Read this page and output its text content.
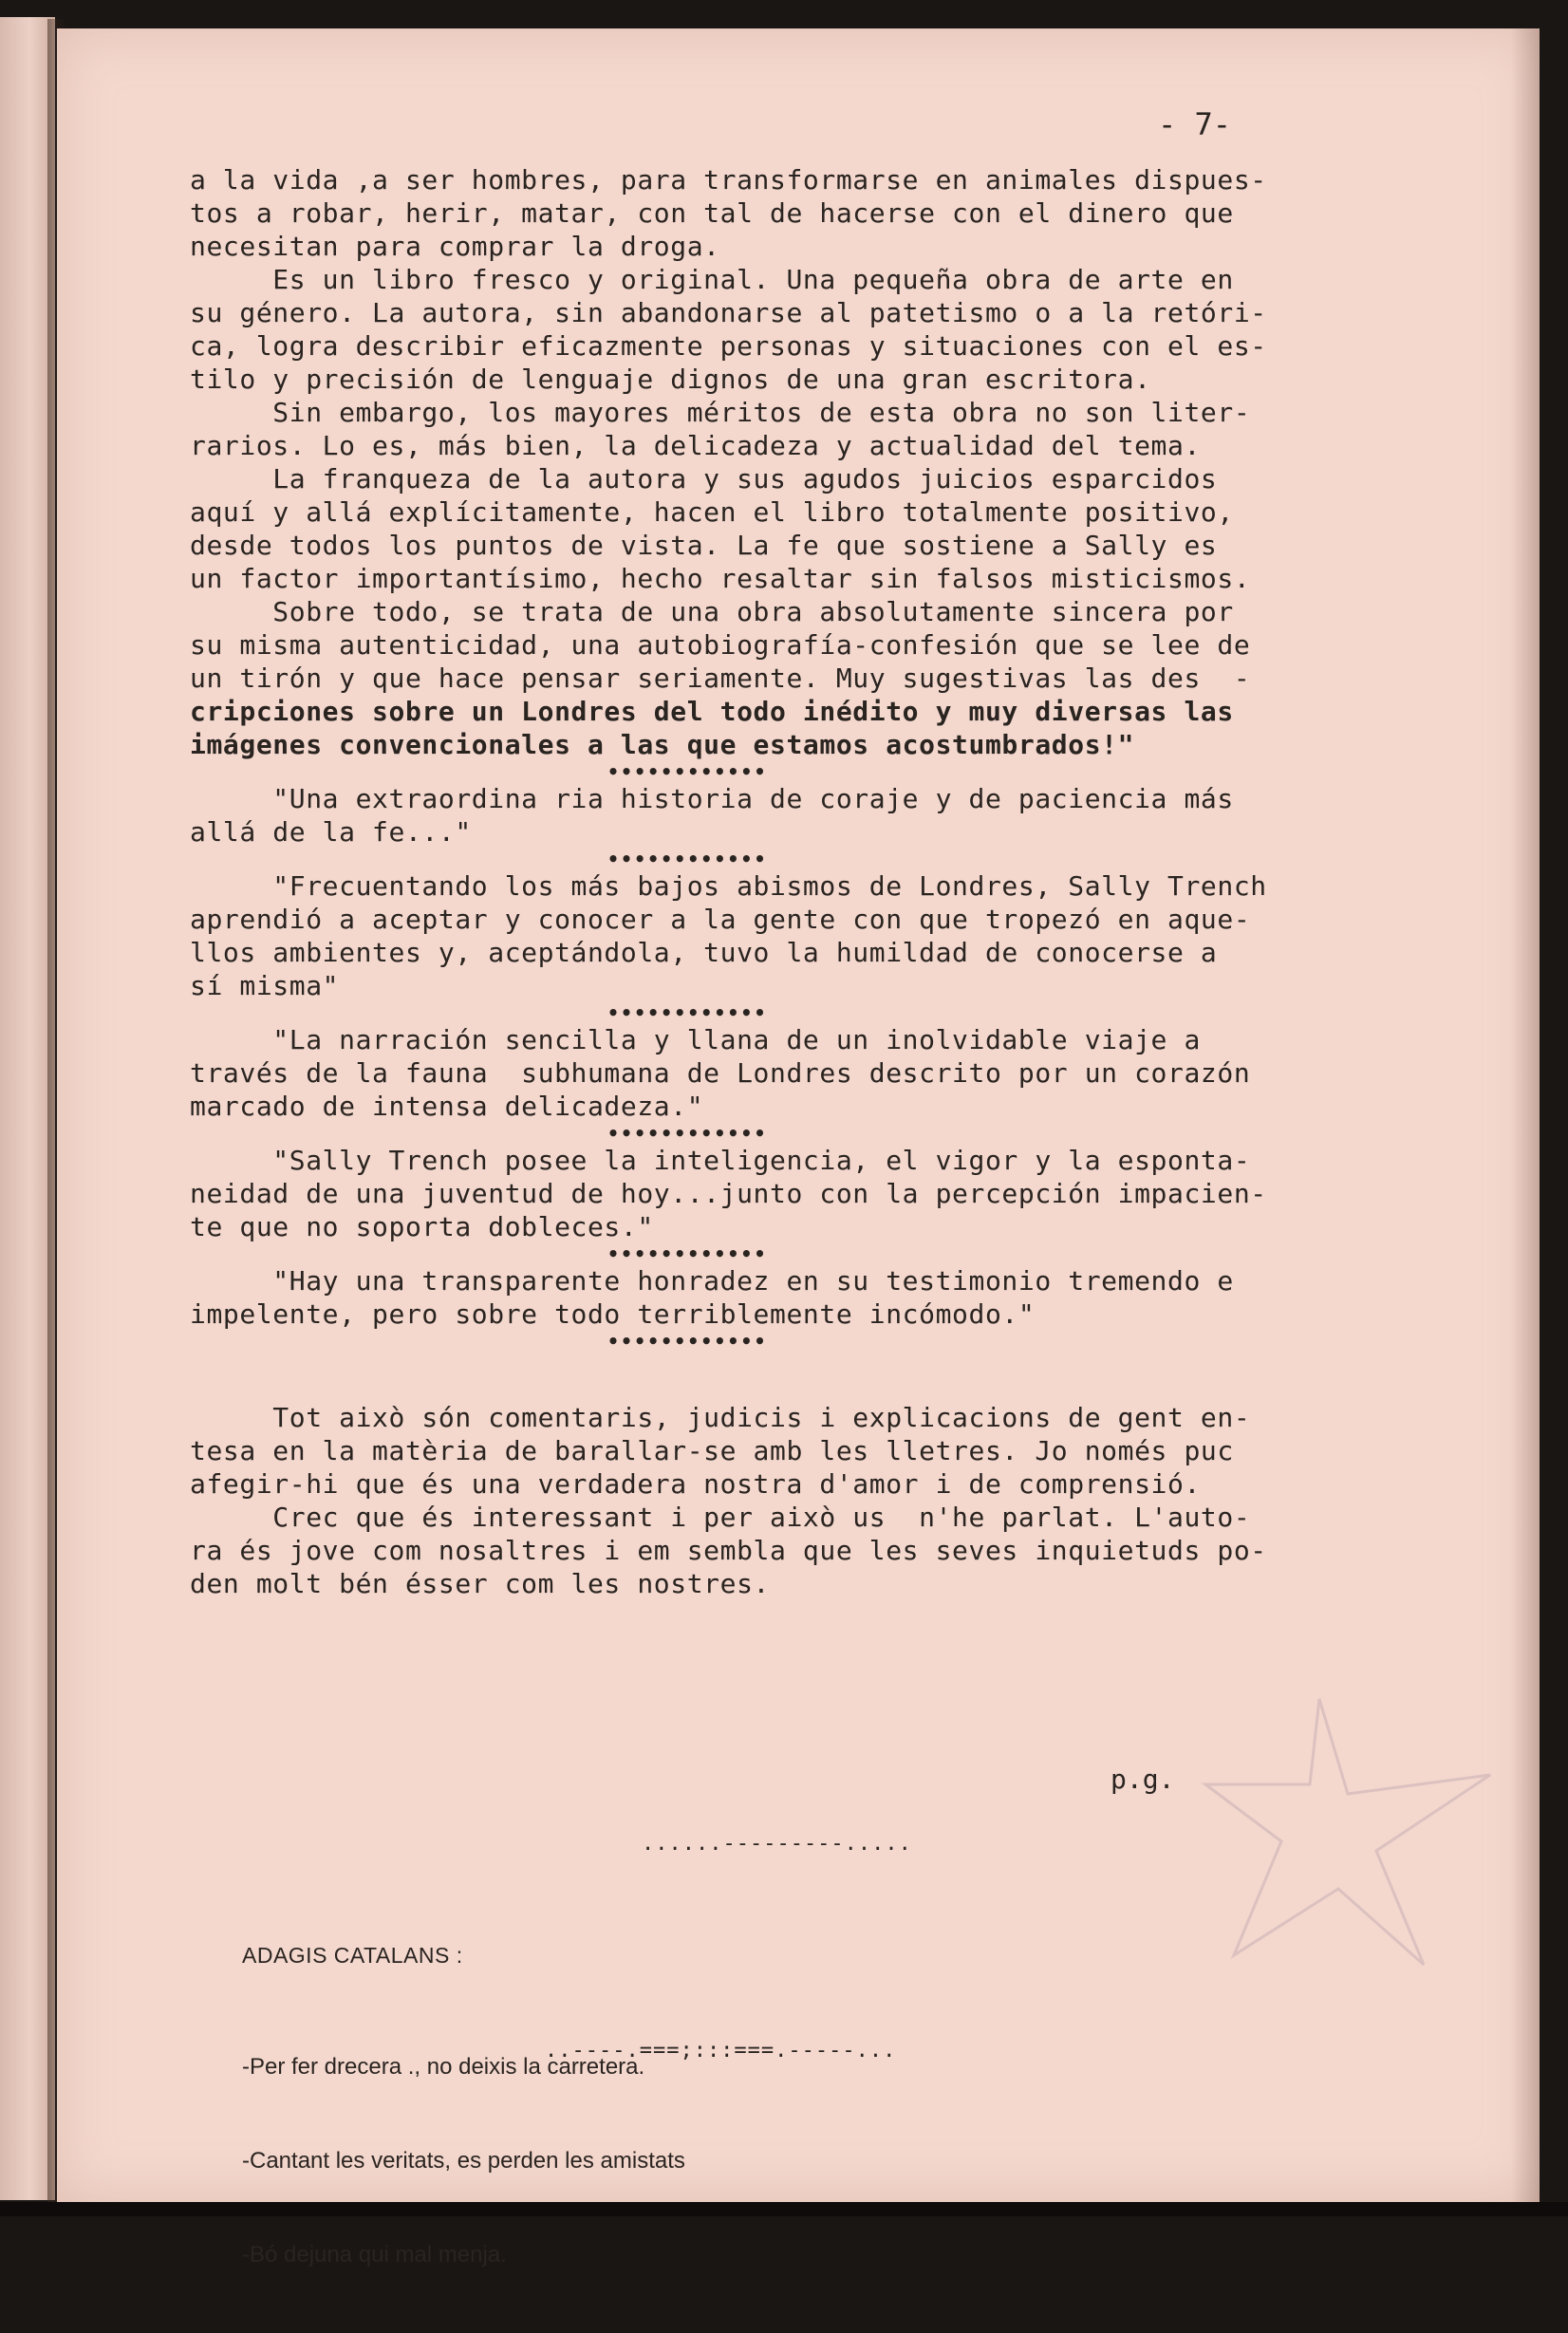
- 7-
a la vida ,a ser hombres, para transformarse en animales dispues-
tos a robar, herir, matar, con tal de hacerse con el dinero que
necesitan para comprar la droga.
Es un libro fresco y original. Una pequeña obra de arte en
su género. La autora, sin abandonarse al patetismo o a la retóri-
ca, logra describir eficazmente personas y situaciones con el es-
tilo y precisión de lenguaje dignos de una gran escritora.
Sin embargo, los mayores méritos de esta obra no son liter-
rarios. Lo es, más bien, la delicadeza y actualidad del tema.
La franqueza de la autora y sus agudos juicios esparcidos
aquí y allá explícitamente, hacen el libro totalmente positivo,
desde todos los puntos de vista. La fe que sostiene a Sally es
un factor importantísimo, hecho resaltar sin falsos misticismos.
Sobre todo, se trata de una obra absolutamente sincera por
su misma autenticidad, una autobiografía-confesión que se lee de
un tirón y que hace pensar seriamente. Muy sugestivas las des  -
cripciones sobre un Londres del todo inédito y muy diversas las
imágenes convencionales a las que estamos acostumbrados!"
••••••••••••
"Una extraordina ria historia de coraje y de paciencia más
allá de la fe..."
••••••••••••
"Frecuentando los más bajos abismos de Londres, Sally Trench
aprendió a aceptar y conocer a la gente con que tropezó en aque-
llos ambientes y, aceptándola, tuvo la humildad de conocerse a
sí misma"
••••••••••••
"La narración sencilla y llana de un inolvidable viaje a
través de la fauna  subhumana de Londres descrito por un corazón
marcado de intensa delicadeza."
••••••••••••
"Sally Trench posee la inteligencia, el vigor y la esponta-
neidad de una juventud de hoy...junto con la percepción impacien-
te que no soporta dobleces."
••••••••••••
"Hay una transparente honradez en su testimonio tremendo e
impelente, pero sobre todo terriblemente incómodo."
••••••••••••
Tot això són comentaris, judicis i explicacions de gent en-
tesa en la matèria de barallar-se amb les lletres. Jo només puc
afegir-hi que és una verdadera nostra d'amor i de comprensió.
Crec que és interessant i per això us  n'he parlat. L'auto-
ra és jove com nosaltres i em sembla que les seves inquietuds po-
den molt bén ésser com les nostres.
p.g.
......---------.....

ADAGIS CATALANS :

-Per fer drecera ., no deixis la carretera.

-Cantant les veritats, es perden les amistats

-Bó dejuna qui mal menja.

..----.===;:::===.-----...
